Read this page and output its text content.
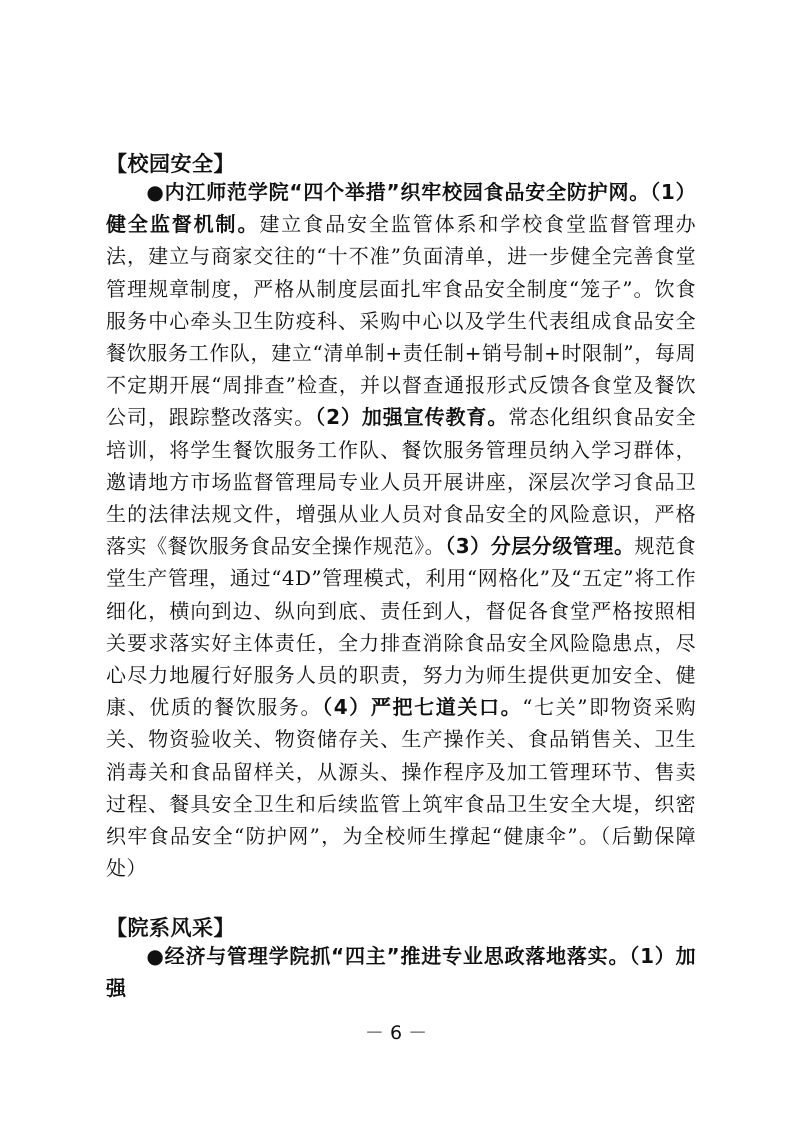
【校园安全】

●内江师范学院“四个举措”织牢校园食品安全防护网。（1）健全监督机制。建立食品安全监管体系和学校食堂监督管理办法，建立与商家交往的“十不准”负面清单，进一步健全完善食堂管理规章制度，严格从制度层面扎牢食品安全制度“笼子”。饮食服务中心牵头卫生防疫科、采购中心以及学生代表组成食品安全餐饮服务工作队，建立“清单制+责任制+销号制+时限制”，每周不定期开展“周排查”检查，并以督查通报形式反馈各食堂及餐饮公司，跟踪整改落实。（2）加强宣传教育。常态化组织食品安全培训，将学生餐饮服务工作队、餐饮服务管理员纳入学习群体，邀请地方市场监督管理局专业人员开展讲座，深层次学习食品卫生的法律法规文件，增强从业人员对食品安全的风险意识，严格落实《餐饮服务食品安全操作规范》。（3）分层分级管理。规范食堂生产管理，通过“4D”管理模式，利用“网格化”及“五定”将工作细化，横向到边、纵向到底、责任到人，督促各食堂严格按照相关要求落实好主体责任，全力排查消除食品安全风险隐患点，尽心尽力地履行好服务人员的职责，努力为师生提供更加安全、健康、优质的餐饮服务。（4）严把七道关口。“七关”即物资采购关、物资验收关、物资储存关、生产操作关、食品销售关、卫生消毒关和食品留样关，从源头、操作程序及加工管理环节、售卖过程、餐具安全卫生和后续监管上筑牢食品卫生安全大堤，织密织牢食品安全“防护网”，为全校师生撑起“健康伞”。（后勤保障处）

【院系风采】

●经济与管理学院抓“四主”推进专业思政落地落实。（1）加强

－ 6 －
